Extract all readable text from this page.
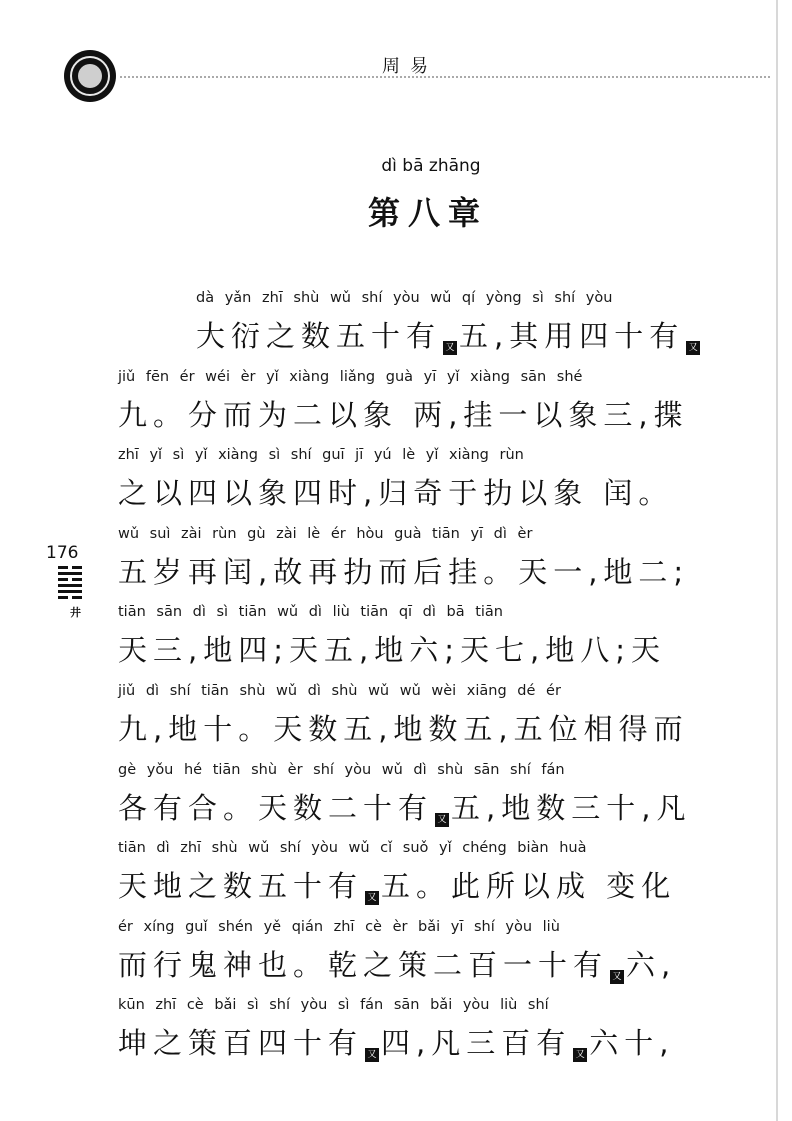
周易
dì bā zhāng
第八章
176
井
dà yǎn zhī shù wǔ shí yòu wǔ qí yòng sì shí yòu
大衍之数五十有 又 五,其用四十有 又
jiǔ fēn ér wéi èr yǐ xiàng liǎng guà yī yǐ xiàng sān shé
九。分而为二以象 两,挂一以象三,揲
zhī yǐ sì yǐ xiàng sì shí guī jī yú lè yǐ xiàng rùn
之以四以象四时,归奇于扐以象 闰。
wǔ suì zài rùn gù zài lè ér hòu guà tiān yī dì èr
五岁再闰,故再扐而后挂。天一,地二;
tiān sān dì sì tiān wǔ dì liù tiān qī dì bā tiān
天三,地四;天五,地六;天七,地八;天
jiǔ dì shí tiān shù wǔ dì shù wǔ wǔ wèi xiāng dé ér
九,地十。天数五,地数五,五位相得而
gè yǒu hé tiān shù èr shí yòu wǔ dì shù sān shí fán
各有合。天数二十有 又 五,地数三十,凡
tiān dì zhī shù wǔ shí yòu wǔ cǐ suǒ yǐ chéng biàn huà
天地之数五十有 又 五。此所以成 变化
ér xíng guǐ shén yě qián zhī cè èr bǎi yī shí yòu liù
而行鬼神也。乾之策二百一十有 又 六,
kūn zhī cè bǎi sì shí yòu sì fán sān bǎi yòu liù shí
坤之策百四十有 又 四,凡三百有 又 六十,
